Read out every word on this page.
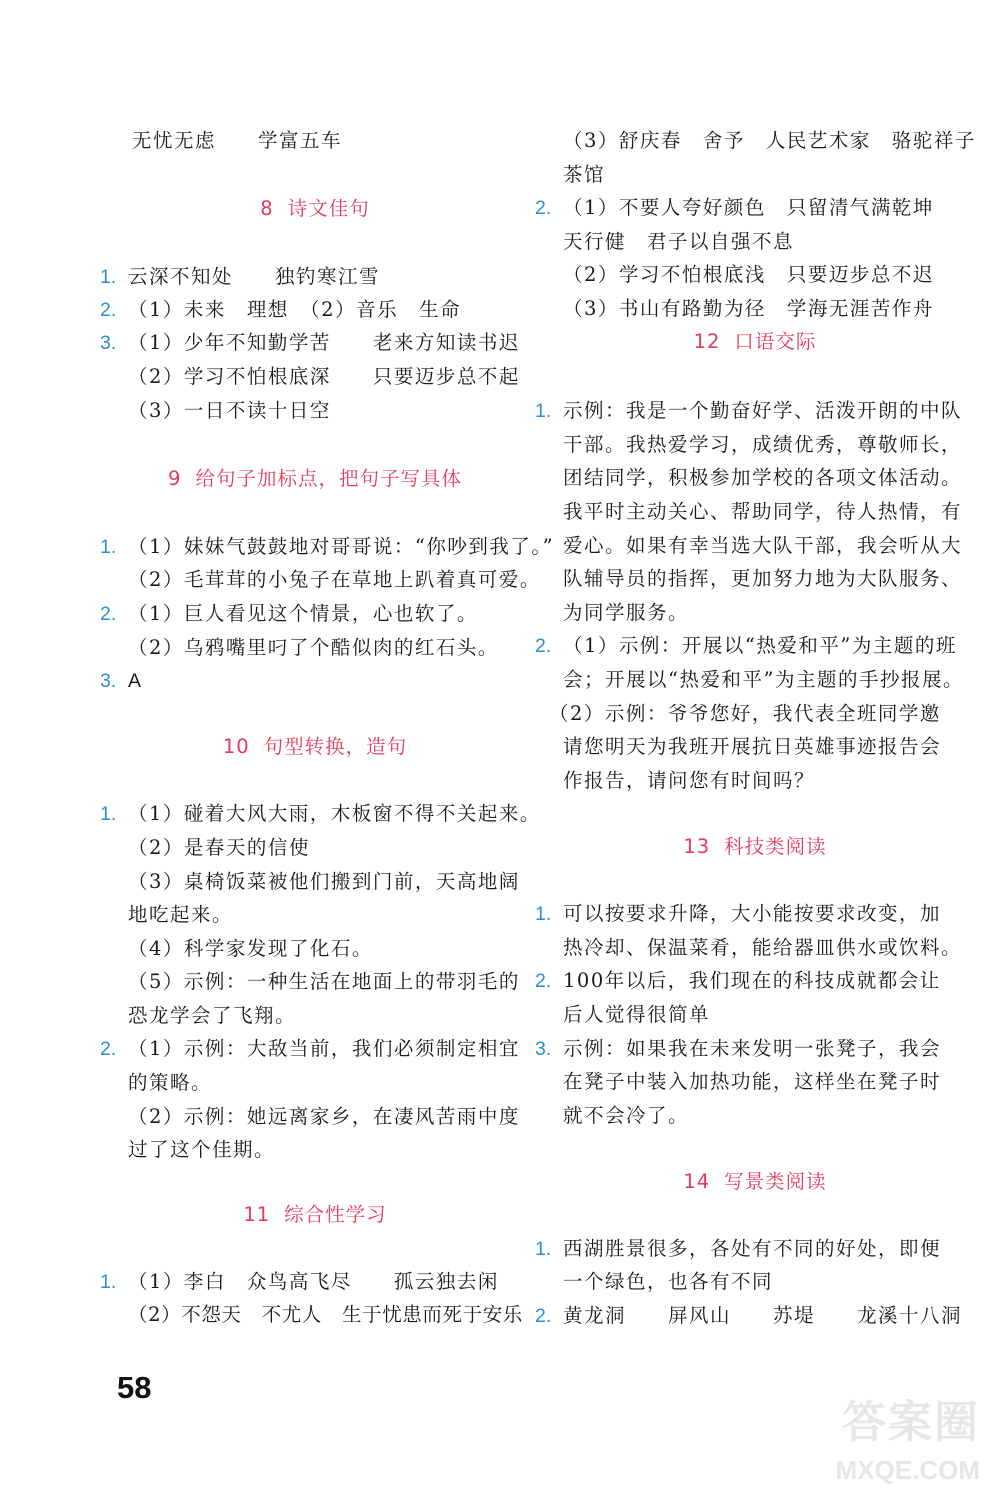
无忧无虑　　学富五车
8 诗文佳句
1. 云深不知处　　独钓寒江雪
2. （1）未来　理想　（2）音乐　生命
3. （1）少年不知勤学苦　　老来方知读书迟
（2）学习不怕根底深　　只要迈步总不起
（3）一日不读十日空
9 给句子加标点，把句子写具体
1. （1）妹妹气鼓鼓地对哥哥说：“你吵到我了。”
（2）毛茸茸的小兔子在草地上趴着真可爱。
2. （1）巨人看见这个情景，心也软了。
（2）乌鸦嘴里叼了个酷似肉的红石头。
3. A
10 句型转换，造句
1. （1）碰着大风大雨，木板窗不得不关起来。
（2）是春天的信使
（3）桌椅饭菜被他们搬到门前，天高地阔
地吃起来。
（4）科学家发现了化石。
（5）示例：一种生活在地面上的带羽毛的
恐龙学会了飞翔。
2. （1）示例：大敌当前，我们必须制定相宜
的策略。
（2）示例：她远离家乡，在凄风苦雨中度
过了这个佳期。
11 综合性学习
1. （1）李白　众鸟高飞尽　　孤云独去闲
（2）不怨天　不尤人　生于忧患而死于安乐
（3）舒庆春　舍予　人民艺术家　骆驼祥子
茶馆
2. （1）不要人夸好颜色　只留清气满乾坤
天行健　君子以自强不息
（2）学习不怕根底浅　只要迈步总不迟
（3）书山有路勤为径　学海无涯苦作舟
12 口语交际
1. 示例：我是一个勤奋好学、活泼开朗的中队
干部。我热爱学习，成绩优秀，尊敬师长，
团结同学，积极参加学校的各项文体活动。
我平时主动关心、帮助同学，待人热情，有
爱心。如果有幸当选大队干部，我会听从大
队辅导员的指挥，更加努力地为大队服务、
为同学服务。
2. （1）示例：开展以“热爱和平”为主题的班
会；开展以“热爱和平”为主题的手抄报展。
（2）示例：爷爷您好，我代表全班同学邀
请您明天为我班开展抗日英雄事迹报告会
作报告，请问您有时间吗？
13 科技类阅读
1. 可以按要求升降，大小能按要求改变，加
热冷却、保温菜肴，能给器皿供水或饮料。
2. 100年以后，我们现在的科技成就都会让
后人觉得很简单
3. 示例：如果我在未来发明一张凳子，我会
在凳子中装入加热功能，这样坐在凳子时
就不会冷了。
14 写景类阅读
1. 西湖胜景很多，各处有不同的好处，即便
一个绿色，也各有不同
2. 黄龙洞　　屏风山　　苏堤　　龙溪十八洞
58
答案圈
MXQE.COM
